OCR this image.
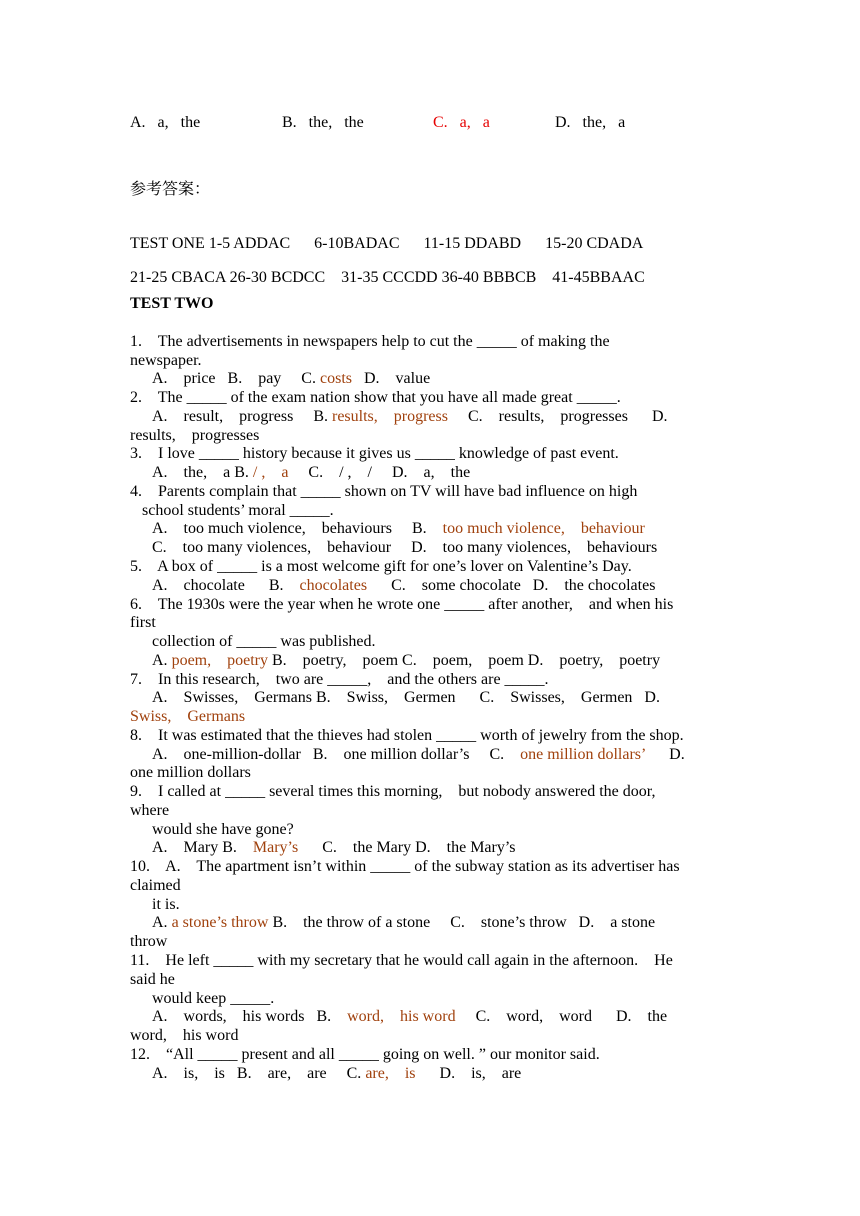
A.   a,   the	B.   the,   the	C.   a,   a	D.   the,   a
参考答案：
TEST ONE 1-5 ADDAC      6-10BADAC      11-15 DDABD      15-20 CDADA
21-25 CBACA 26-30 BCDCC    31-35 CCCDD 36-40 BBBCB    41-45BBAAC
TEST TWO
1.    The advertisements in newspapers help to cut the _____ of making the
newspaper.
A.    price   B.    pay     C. costs   D.    value
2.    The _____ of the exam nation show that you have all made great _____.
A.    result,    progress     B. results,    progress     C.    results,    progresses      D.
results,    progresses
3.    I love _____ history because it gives us _____ knowledge of past event.
A.    the,    a B. / ,    a     C.    / ,    /     D.    a,    the
4.    Parents complain that _____ shown on TV will have bad influence on high
school students’ moral _____.
A.    too much violence,    behaviours     B.    too much violence,    behaviour
C.    too many violences,    behaviour     D.    too many violences,    behaviours
5.    A box of _____ is a most welcome gift for one’s lover on Valentine’s Day.
A.    chocolate      B.    chocolates      C.    some chocolate   D.    the chocolates
6.    The 1930s were the year when he wrote one _____ after another,    and when his
first
collection of _____ was published.
A. poem,    poetry B.    poetry,    poem C.    poem,    poem D.    poetry,    poetry
7.    In this research,    two are _____,    and the others are _____.
A.    Swisses,    Germans B.    Swiss,    Germen      C.    Swisses,    Germen   D.
Swiss,    Germans
8.    It was estimated that the thieves had stolen _____ worth of jewelry from the shop.
A.    one-million-dollar   B.    one million dollar’s     C.    one million dollars’      D.
one million dollars
9.    I called at _____ several times this morning,    but nobody answered the door,
where
would she have gone?
A.    Mary B.    Mary’s      C.    the Mary D.    the Mary’s
10.    A.    The apartment isn’t within _____ of the subway station as its advertiser has
claimed
it is.
A. a stone’s throw B.    the throw of a stone     C.    stone’s throw   D.    a stone
throw
11.    He left _____ with my secretary that he would call again in the afternoon.    He
said he
would keep _____.
A.    words,    his words   B.    word,    his word     C.    word,    word      D.    the
word,    his word
12.    “All _____ present and all _____ going on well. ” our monitor said.
A.    is,    is   B.    are,    are     C. are,    is      D.    is,    are
